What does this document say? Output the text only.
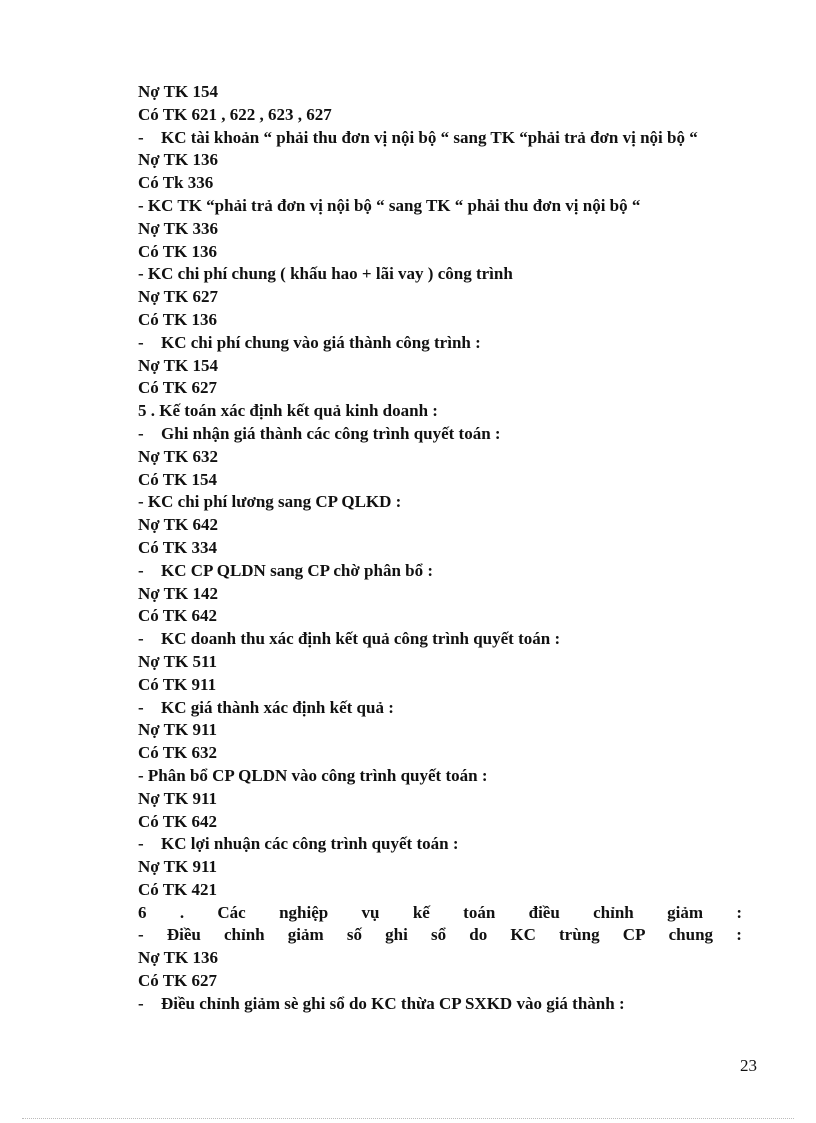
Nợ TK 154
Có TK 621 , 622 , 623 , 627
- KC tài khoản “ phải thu đơn vị nội bộ “ sang TK “phải trả đơn vị nội bộ “
Nợ TK 136
Có Tk 336
- KC TK “phải trả đơn vị nội bộ “ sang TK “ phải thu đơn vị nội bộ “
Nợ TK 336
Có TK 136
- KC chi phí chung ( khấu hao + lãi vay ) công trình
Nợ TK 627
Có TK 136
- KC chi phí chung vào giá thành công trình :
Nợ TK 154
Có TK 627
5 . Kế toán xác định kết quả kinh doanh :
- Ghi nhận giá thành các công trình quyết toán :
Nợ TK 632
Có TK 154
- KC chi phí lương sang CP QLKD :
Nợ TK 642
Có TK 334
- KC CP QLDN sang CP chờ phân bổ :
Nợ TK 142
Có TK 642
- KC doanh thu xác định kết quả công trình quyết toán :
Nợ TK 511
Có TK 911
- KC giá thành xác định kết quả :
Nợ TK 911
Có TK 632
- Phân bổ CP QLDN vào công trình quyết toán :
Nợ TK 911
Có TK 642
- KC lợi nhuận các công trình quyết toán :
Nợ TK 911
Có TK 421
6 . Các nghiệp vụ kế toán điều chỉnh giảm :
- Điều chỉnh giảm số ghi sổ do KC trùng CP chung :
Nợ TK 136
Có TK 627
- Điều chỉnh giảm sè ghi sổ do KC thừa CP SXKD vào giá thành :
23
